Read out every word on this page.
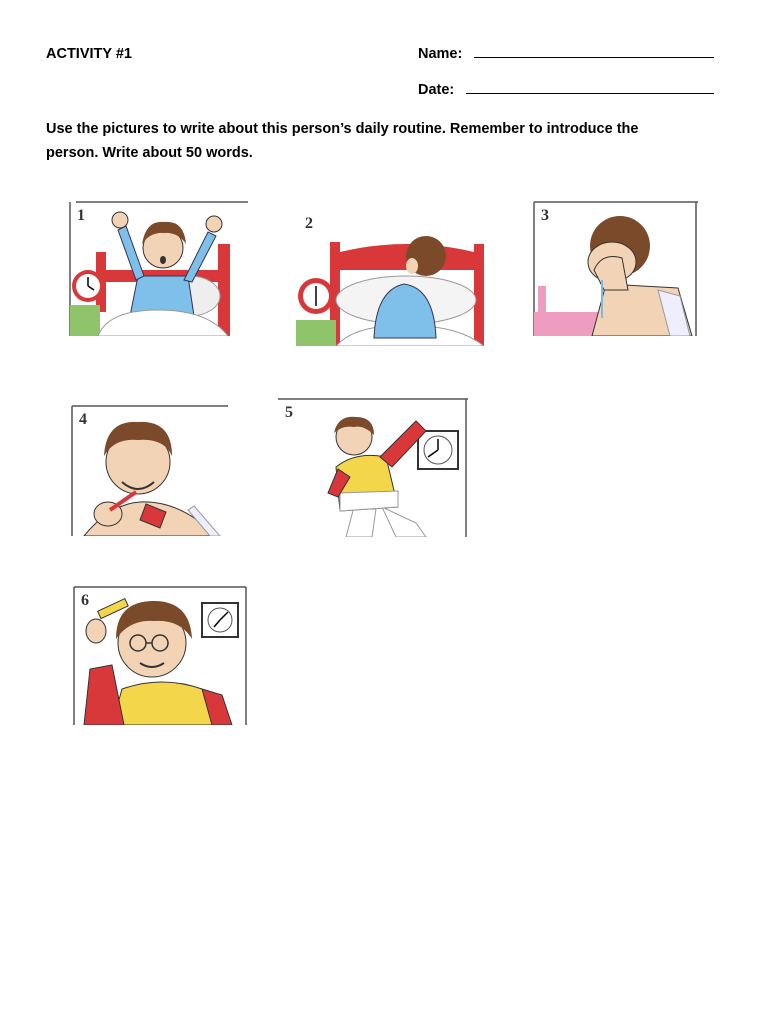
ACTIVITY #1	Name:
Date:
Use the pictures to write about this person’s daily routine. Remember to introduce the
person. Write about 50 words.
1	2	3
4	5
6
